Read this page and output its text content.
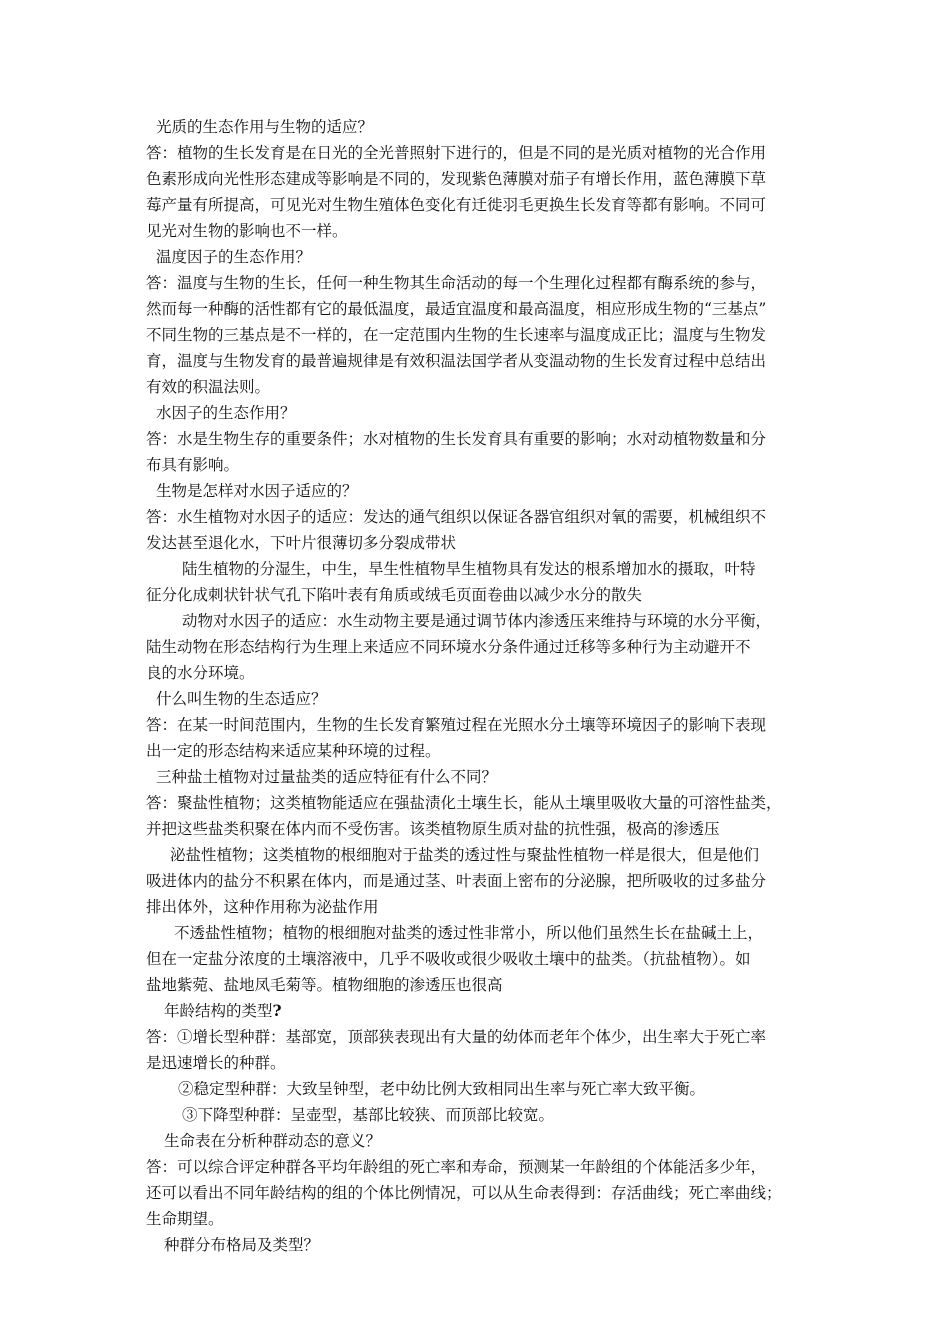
光质的生态作用与生物的适应？
答：植物的生长发育是在日光的全光普照射下进行的，但是不同的是光质对植物的光合作用
色素形成向光性形态建成等影响是不同的，发现紫色薄膜对茄子有增长作用，蓝色薄膜下草
莓产量有所提高，可见光对生物生殖体色变化有迁徙羽毛更换生长发育等都有影响。不同可
见光对生物的影响也不一样。
温度因子的生态作用？
答：温度与生物的生长，任何一种生物其生命活动的每一个生理化过程都有酶系统的参与，
然而每一种酶的活性都有它的最低温度，最适宜温度和最高温度，相应形成生物的“三基点”
不同生物的三基点是不一样的，在一定范围内生物的生长速率与温度成正比；温度与生物发
育，温度与生物发育的最普遍规律是有效积温法国学者从变温动物的生长发育过程中总结出
有效的积温法则。
水因子的生态作用？
答：水是生物生存的重要条件；水对植物的生长发育具有重要的影响；水对动植物数量和分
布具有影响。
生物是怎样对水因子适应的？
答：水生植物对水因子的适应：发达的通气组织以保证各器官组织对氧的需要，机械组织不
发达甚至退化水，下叶片很薄切多分裂成带状
陆生植物的分湿生，中生，旱生性植物旱生植物具有发达的根系增加水的摄取，叶特
征分化成刺状针状气孔下陷叶表有角质或绒毛页面卷曲以减少水分的散失
动物对水因子的适应：水生动物主要是通过调节体内渗透压来维持与环境的水分平衡，
陆生动物在形态结构行为生理上来适应不同环境水分条件通过迁移等多种行为主动避开不
良的水分环境。
什么叫生物的生态适应？
答：在某一时间范围内，生物的生长发育繁殖过程在光照水分土壤等环境因子的影响下表现
出一定的形态结构来适应某种环境的过程。
三种盐土植物对过量盐类的适应特征有什么不同？
答：聚盐性植物；这类植物能适应在强盐渍化土壤生长，能从土壤里吸收大量的可溶性盐类，
并把这些盐类积聚在体内而不受伤害。该类植物原生质对盐的抗性强，极高的渗透压
泌盐性植物；这类植物的根细胞对于盐类的透过性与聚盐性植物一样是很大，但是他们
吸进体内的盐分不积累在体内，而是通过茎、叶表面上密布的分泌腺，把所吸收的过多盐分
排出体外，这种作用称为泌盐作用
不透盐性植物；植物的根细胞对盐类的透过性非常小，所以他们虽然生长在盐碱土上，
但在一定盐分浓度的土壤溶液中，几乎不吸收或很少吸收土壤中的盐类。（抗盐植物）。如
盐地紫菀、盐地凤毛菊等。植物细胞的渗透压也很高
年龄结构的类型?
答：①增长型种群：基部宽，顶部狭表现出有大量的幼体而老年个体少，出生率大于死亡率
是迅速增长的种群。
②稳定型种群：大致呈钟型，老中幼比例大致相同出生率与死亡率大致平衡。
③下降型种群：呈壶型，基部比较狭、而顶部比较宽。
生命表在分析种群动态的意义？
答：可以综合评定种群各平均年龄组的死亡率和寿命，预测某一年龄组的个体能活多少年，
还可以看出不同年龄结构的组的个体比例情况，可以从生命表得到：存活曲线；死亡率曲线；
生命期望。
种群分布格局及类型？
